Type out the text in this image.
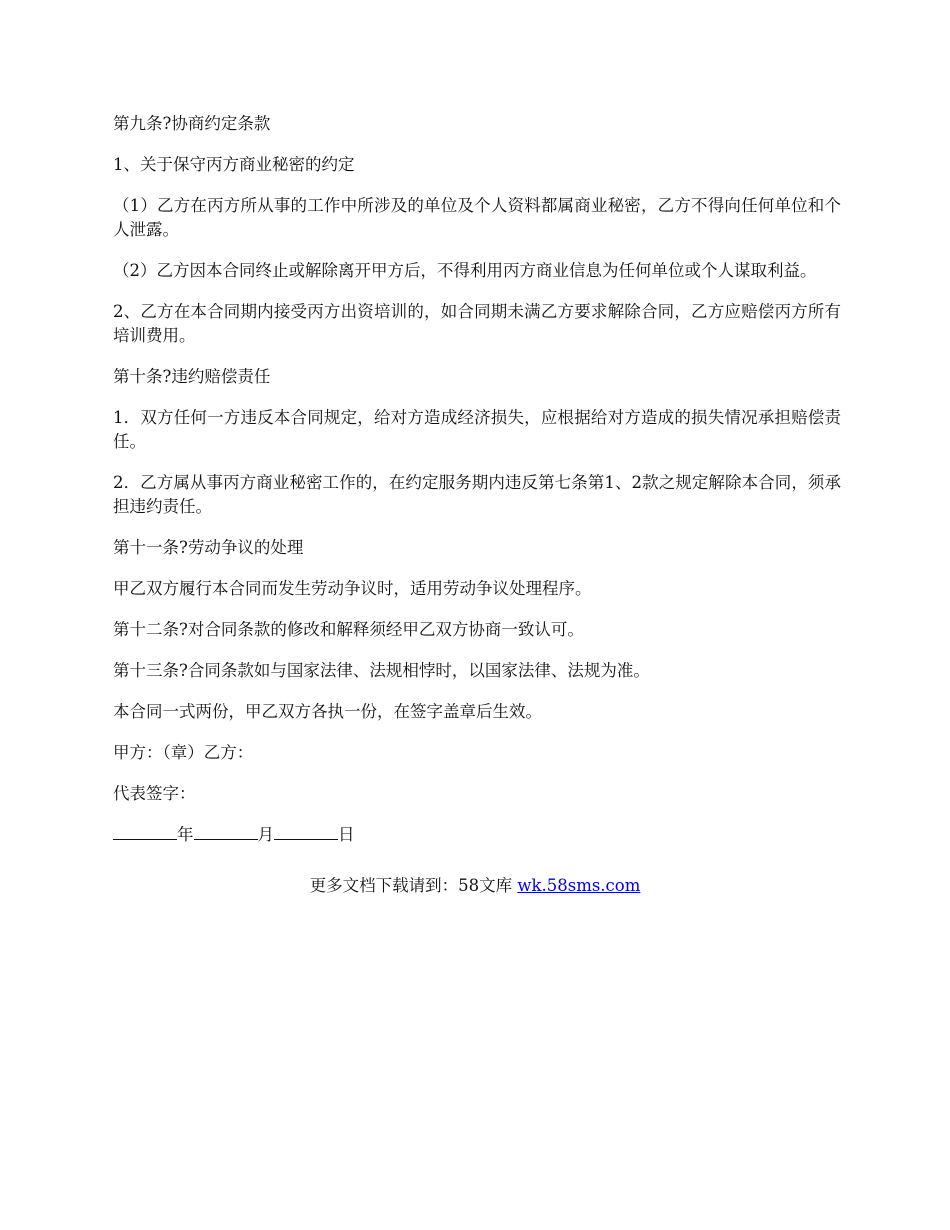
第九条?协商约定条款

1、关于保守丙方商业秘密的约定

（1）乙方在丙方所从事的工作中所涉及的单位及个人资料都属商业秘密，乙方不得向任何单位和个人泄露。

（2）乙方因本合同终止或解除离开甲方后，不得利用丙方商业信息为任何单位或个人谋取利益。

2、乙方在本合同期内接受丙方出资培训的，如合同期未满乙方要求解除合同，乙方应赔偿丙方所有培训费用。

第十条?违约赔偿责任

1．双方任何一方违反本合同规定，给对方造成经济损失，应根据给对方造成的损失情况承担赔偿责任。

2．乙方属从事丙方商业秘密工作的，在约定服务期内违反第七条第1、2款之规定解除本合同，须承担违约责任。

第十一条?劳动争议的处理

甲乙双方履行本合同而发生劳动争议时，适用劳动争议处理程序。

第十二条?对合同条款的修改和解释须经甲乙双方协商一致认可。

第十三条?合同条款如与国家法律、法规相悖时，以国家法律、法规为准。

本合同一式两份，甲乙双方各执一份，在签字盖章后生效。

甲方：（章）乙方：

代表签字：

年	月	日

更多文档下载请到：58文库 wk.58sms.com
